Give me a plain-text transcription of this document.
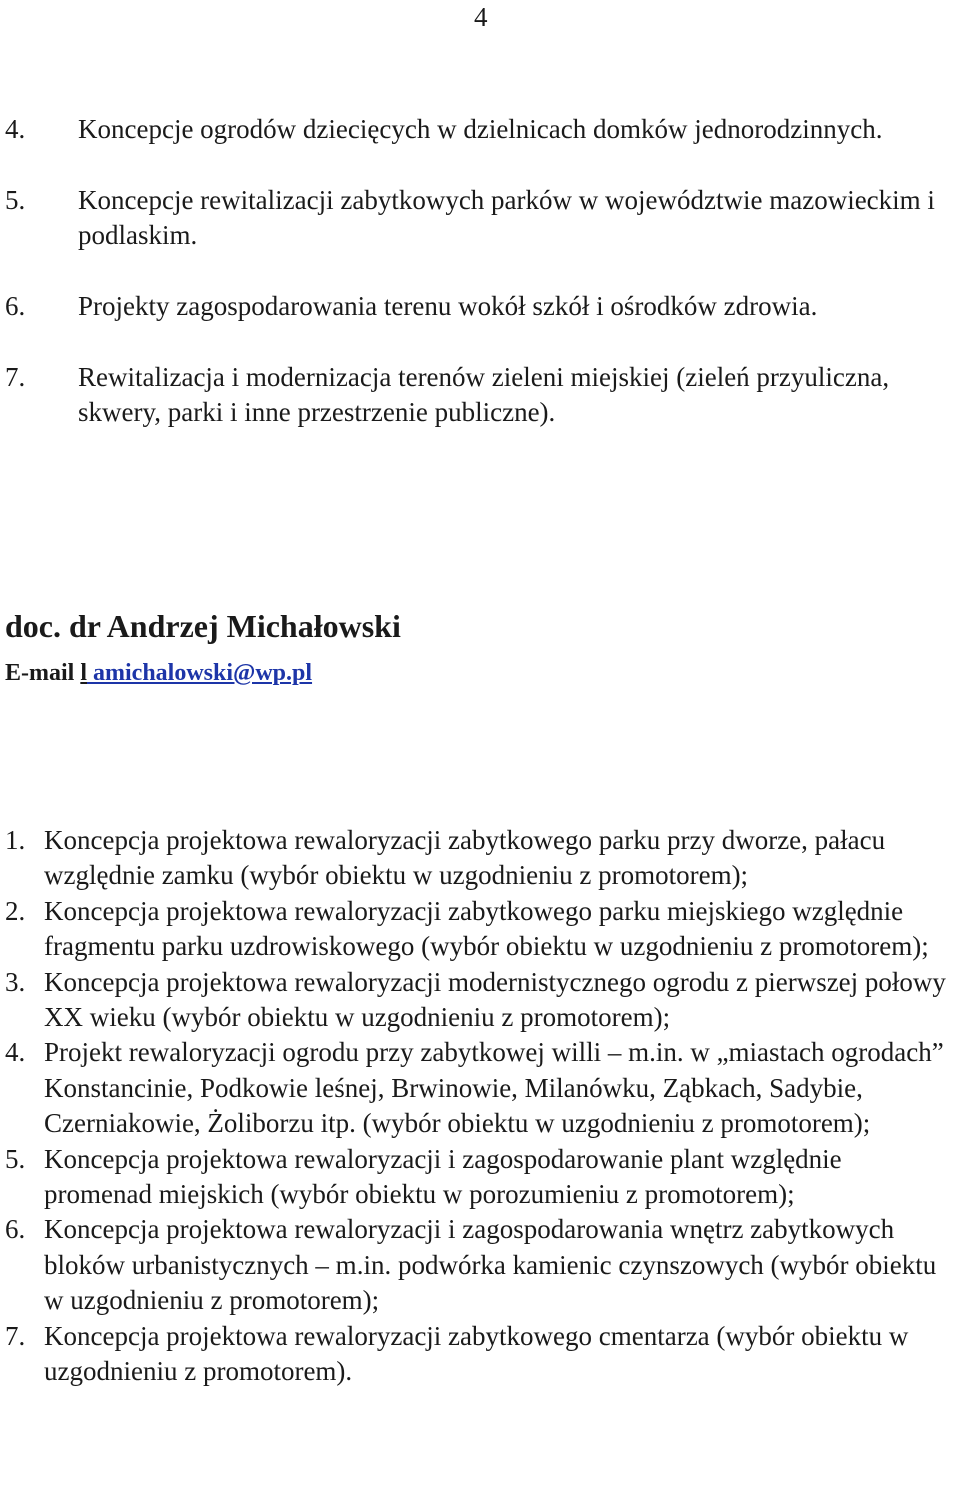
4
4.	Koncepcje ogrodów dziecięcych w dzielnicach domków jednorodzinnych.
5.	Koncepcje rewitalizacji zabytkowych parków w województwie mazowieckim i podlaskim.
6.	Projekty zagospodarowania terenu wokół szkół i ośrodków zdrowia.
7.	Rewitalizacja i modernizacja terenów zieleni miejskiej (zieleń przyuliczna, skwery, parki i inne przestrzenie publiczne).
doc. dr Andrzej Michałowski
E-mail l amichalowski@wp.pl
1. Koncepcja projektowa rewaloryzacji zabytkowego parku przy dworze, pałacu względnie zamku (wybór obiektu w uzgodnieniu z promotorem);
2. Koncepcja projektowa rewaloryzacji zabytkowego parku miejskiego względnie fragmentu parku uzdrowiskowego (wybór obiektu w uzgodnieniu z promotorem);
3. Koncepcja projektowa rewaloryzacji modernistycznego ogrodu z pierwszej połowy XX wieku (wybór obiektu w uzgodnieniu z promotorem);
4. Projekt rewaloryzacji ogrodu przy zabytkowej willi – m.in. w „miastach ogrodach” Konstancinie, Podkowie leśnej, Brwinowie, Milanówku, Ząbkach, Sadybie, Czerniakowie, Żoliborzu itp. (wybór obiektu w uzgodnieniu z promotorem);
5. Koncepcja projektowa rewaloryzacji i zagospodarowanie plant względnie promenad miejskich (wybór obiektu w porozumieniu z promotorem);
6. Koncepcja projektowa rewaloryzacji i zagospodarowania wnętrz zabytkowych bloków urbanistycznych – m.in. podwórka kamienic czynszowych (wybór obiektu w uzgodnieniu z promotorem);
7. Koncepcja projektowa rewaloryzacji zabytkowego cmentarza (wybór obiektu w uzgodnieniu z promotorem).
